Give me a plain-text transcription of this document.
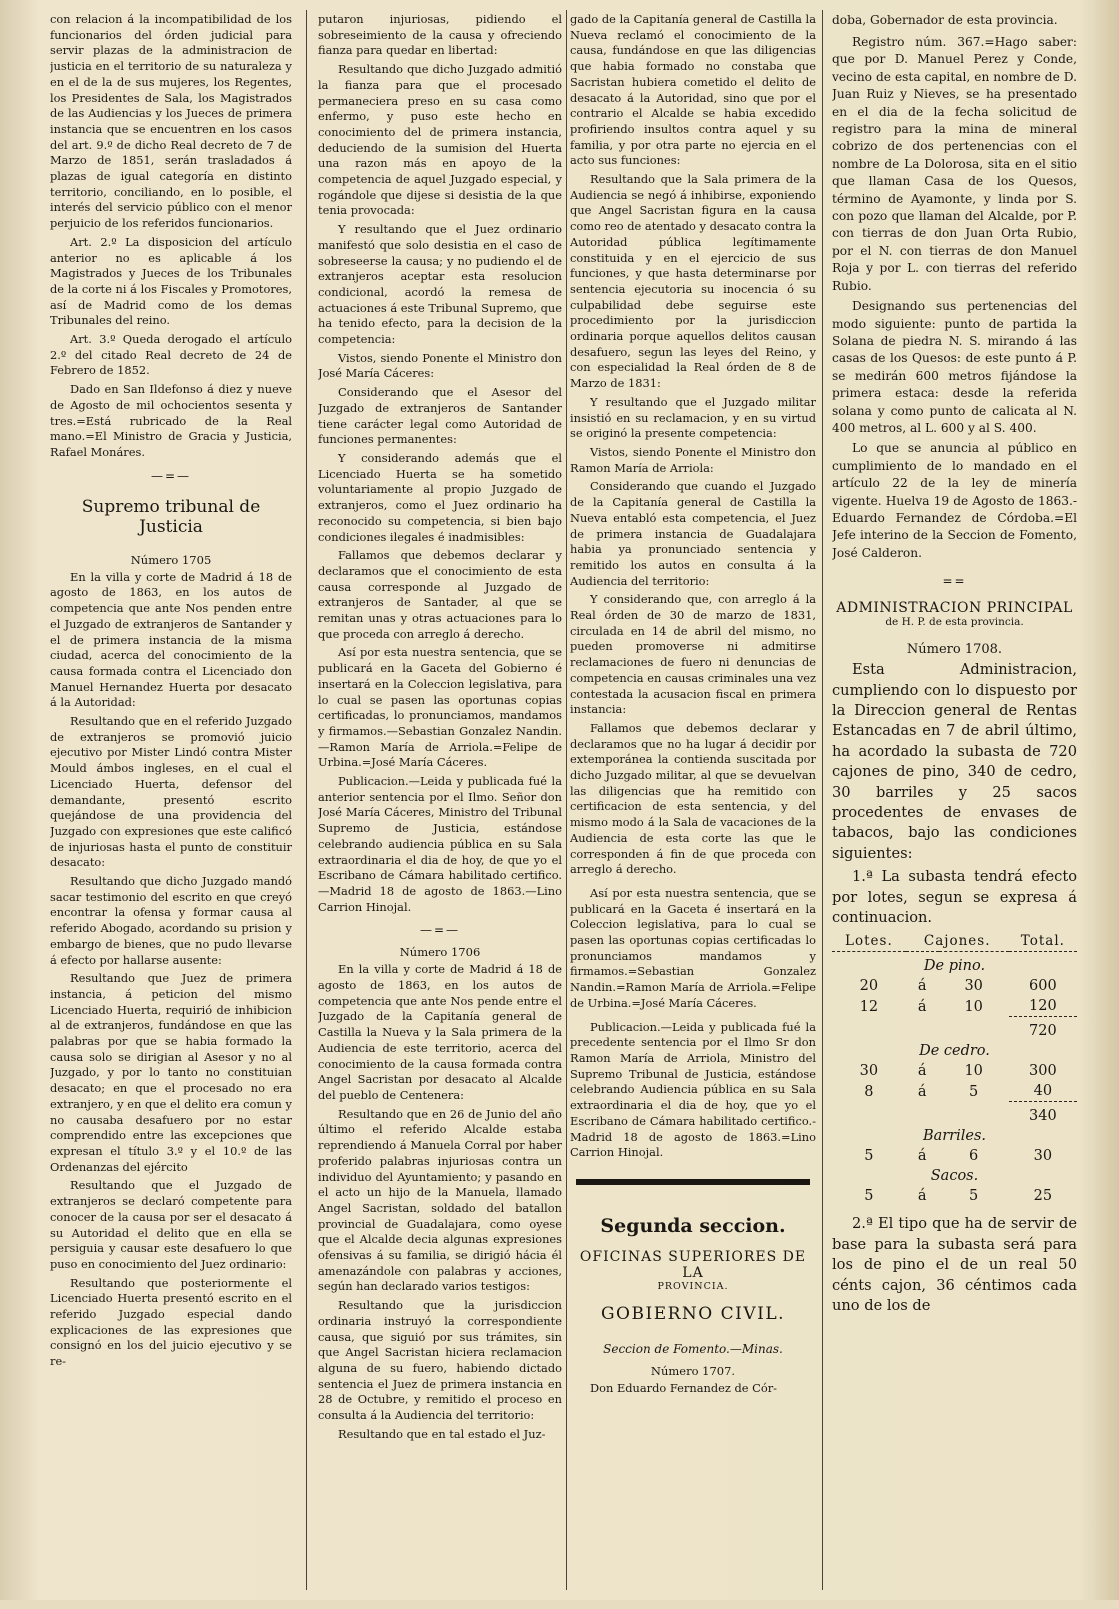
con relacion á la incompatibilidad de los funcionarios del órden judicial para servir plazas de la administracion de justicia en el territorio de su naturaleza y en el de la de sus mujeres, los Regentes, los Presidentes de Sala, los Magistrados de las Audiencias y los Jueces de primera instancia que se encuentren en los casos del art. 9.º de dicho Real decreto de 7 de Marzo de 1851, serán trasladados á plazas de igual categoría en distinto territorio, conciliando, en lo posible, el interés del servicio público con el menor perjuicio de los referidos funcionarios.

Art. 2.º La disposicion del artículo anterior no es aplicable á los Magistrados y Jueces de los Tribunales de la corte ni á los Fiscales y Promotores, así de Madrid como de los demas Tribunales del reino.

Art. 3.º Queda derogado el artículo 2.º del citado Real decreto de 24 de Febrero de 1852.

Dado en San Ildefonso á diez y nueve de Agosto de mil ochocientos sesenta y tres.=Está rubricado de la Real mano.=El Ministro de Gracia y Justicia, Rafael Monáres.

—=—
Supremo tribunal de Justicia
Número 1705

En la villa y corte de Madrid á 18 de agosto de 1863, en los autos de competencia que ante Nos penden entre el Juzgado de extranjeros de Santander y el de primera instancia de la misma ciudad, acerca del conocimiento de la causa formada contra el Licenciado don Manuel Hernandez Huerta por desacato á la Autoridad:

Resultando que en el referido Juzgado de extranjeros se promovió juicio ejecutivo por Mister Lindó contra Mister Mould ámbos ingleses, en el cual el Licenciado Huerta, defensor del demandante, presentó escrito quejándose de una providencia del Juzgado con expresiones que este calificó de injuriosas hasta el punto de constituir desacato:

Resultando que dicho Juzgado mandó sacar testimonio del escrito en que creyó encontrar la ofensa y formar causa al referido Abogado, acordando su prision y embargo de bienes, que no pudo llevarse á efecto por hallarse ausente:

Resultando que Juez de primera instancia, á peticion del mismo Licenciado Huerta, requirió de inhibicion al de extranjeros, fundándose en que las palabras por que se habia formado la causa solo se dirigian al Asesor y no al Juzgado, y por lo tanto no constituian desacato; en que el procesado no era extranjero, y en que el delito era comun y no causaba desafuero por no estar comprendido entre las excepciones que expresan el título 3.º y el 10.º de las Ordenanzas del ejército

Resultando que el Juzgado de extranjeros se declaró competente para conocer de la causa por ser el desacato á su Autoridad el delito que en ella se persiguia y causar este desafuero lo que puso en conocimiento del Juez ordinario:

Resultando que posteriormente el Licenciado Huerta presentó escrito en el referido Juzgado especial dando explicaciones de las expresiones que consignó en los del juicio ejecutivo y se re-

putaron injuriosas, pidiendo el sobreseimiento de la causa y ofreciendo fianza para quedar en libertad:

Resultando que dicho Juzgado admitió la fianza para que el procesado permaneciera preso en su casa como enfermo, y puso este hecho en conocimiento del de primera instancia, deduciendo de la sumision del Huerta una razon más en apoyo de la competencia de aquel Juzgado especial, y rogándole que dijese si desistia de la que tenia provocada:

Y resultando que el Juez ordinario manifestó que solo desistia en el caso de sobreseerse la causa; y no pudiendo el de extranjeros aceptar esta resolucion condicional, acordó la remesa de actuaciones á este Tribunal Supremo, que ha tenido efecto, para la decision de la competencia:

Vistos, siendo Ponente el Ministro don José María Cáceres:

Considerando que el Asesor del Juzgado de extranjeros de Santander tiene carácter legal como Autoridad de funciones permanentes:

Y considerando además que el Licenciado Huerta se ha sometido voluntariamente al propio Juzgado de extranjeros, como el Juez ordinario ha reconocido su competencia, si bien bajo condiciones ilegales é inadmisibles:

Fallamos que debemos declarar y declaramos que el conocimiento de esta causa corresponde al Juzgado de extranjeros de Santader, al que se remitan unas y otras actuaciones para lo que proceda con arreglo á derecho.

Así por esta nuestra sentencia, que se publicará en la Gaceta del Gobierno é insertará en la Coleccion legislativa, para lo cual se pasen las oportunas copias certificadas, lo pronunciamos, mandamos y firmamos.—Sebastian Gonzalez Nandin.—Ramon María de Arriola.=Felipe de Urbina.=José María Cáceres.

Publicacion.—Leida y publicada fué la anterior sentencia por el Ilmo. Señor don José María Cáceres, Ministro del Tribunal Supremo de Justicia, estándose celebrando audiencia pública en su Sala extraordinaria el dia de hoy, de que yo el Escribano de Cámara habilitado certifico.—Madrid 18 de agosto de 1863.—Lino Carrion Hinojal.

—=—
Número 1706

En la villa y corte de Madrid á 18 de agosto de 1863, en los autos de competencia que ante Nos pende entre el Juzgado de la Capitanía general de Castilla la Nueva y la Sala primera de la Audiencia de este territorio, acerca del conocimiento de la causa formada contra Angel Sacristan por desacato al Alcalde del pueblo de Centenera:

Resultando que en 26 de Junio del año último el referido Alcalde estaba reprendiendo á Manuela Corral por haber proferido palabras injuriosas contra un individuo del Ayuntamiento; y pasando en el acto un hijo de la Manuela, llamado Angel Sacristan, soldado del batallon provincial de Guadalajara, como oyese que el Alcalde decia algunas expresiones ofensivas á su familia, se dirigió hácia él amenazándole con palabras y acciones, según han declarado varios testigos:

Resultando que la jurisdiccion ordinaria instruyó la correspondiente causa, que siguió por sus trámites, sin que Angel Sacristan hiciera reclamacion alguna de su fuero, habiendo dictado sentencia el Juez de primera instancia en 28 de Octubre, y remitido el proceso en consulta á la Audiencia del territorio:

Resultando que en tal estado el Juz-

gado de la Capitanía general de Castilla la Nueva reclamó el conocimiento de la causa, fundándose en que las diligencias que habia formado no constaba que Sacristan hubiera cometido el delito de desacato á la Autoridad, sino que por el contrario el Alcalde se habia excedido profiriendo insultos contra aquel y su familia, y por otra parte no ejercia en el acto sus funciones:

Resultando que la Sala primera de la Audiencia se negó á inhibirse, exponiendo que Angel Sacristan figura en la causa como reo de atentado y desacato contra la Autoridad pública legítimamente constituida y en el ejercicio de sus funciones, y que hasta determinarse por sentencia ejecutoria su inocencia ó su culpabilidad debe seguirse este procedimiento por la jurisdiccion ordinaria porque aquellos delitos causan desafuero, segun las leyes del Reino, y con especialidad la Real órden de 8 de Marzo de 1831:

Y resultando que el Juzgado militar insistió en su reclamacion, y en su virtud se originó la presente competencia:

Vistos, siendo Ponente el Ministro don Ramon María de Arriola:

Considerando que cuando el Juzgado de la Capitanía general de Castilla la Nueva entabló esta competencia, el Juez de primera instancia de Guadalajara habia ya pronunciado sentencia y remitido los autos en consulta á la Audiencia del territorio:

Y considerando que, con arreglo á la Real órden de 30 de marzo de 1831, circulada en 14 de abril del mismo, no pueden promoverse ni admitirse reclamaciones de fuero ni denuncias de competencia en causas criminales una vez contestada la acusacion fiscal en primera instancia:

Fallamos que debemos declarar y declaramos que no ha lugar á decidir por extemporánea la contienda suscitada por dicho Juzgado militar, al que se devuelvan las diligencias que ha remitido con certificacion de esta sentencia, y del mismo modo á la Sala de vacaciones de la Audiencia de esta corte las que le corresponden á fin de que proceda con arreglo á derecho.

Así por esta nuestra sentencia, que se publicará en la Gaceta é insertará en la Coleccion legislativa, para lo cual se pasen las oportunas copias certificadas lo pronunciamos mandamos y firmamos.=Sebastian Gonzalez Nandin.=Ramon María de Arriola.=Felipe de Urbina.=José María Cáceres.

Publicacion.—Leida y publicada fué la precedente sentencia por el Ilmo Sr don Ramon María de Arriola, Ministro del Supremo Tribunal de Justicia, estándose celebrando Audiencia pública en su Sala extraordinaria el dia de hoy, que yo el Escribano de Cámara habilitado certifico.-Madrid 18 de agosto de 1863.=Lino Carrion Hinojal.

Segunda seccion.
OFICINAS SUPERIORES DE LA
PROVINCIA.
GOBIERNO CIVIL.
Seccion de Fomento.—Minas.
Número 1707.

Don Eduardo Fernandez de Cór-

doba, Gobernador de esta provincia.

Registro núm. 367.=Hago saber: que por D. Manuel Perez y Conde, vecino de esta capital, en nombre de D. Juan Ruiz y Nieves, se ha presentado en el dia de la fecha solicitud de registro para la mina de mineral cobrizo de dos pertenencias con el nombre de La Dolorosa, sita en el sitio que llaman Casa de los Quesos, término de Ayamonte, y linda por S. con pozo que llaman del Alcalde, por P. con tierras de don Juan Orta Rubio, por el N. con tierras de don Manuel Roja y por L. con tierras del referido Rubio.

Designando sus pertenencias del modo siguiente: punto de partida la Solana de piedra N. S. mirando á las casas de los Quesos: de este punto á P. se medirán 600 metros fijándose la primera estaca: desde la referida solana y como punto de calicata al N. 400 metros, al L. 600 y al S. 400.

Lo que se anuncia al público en cumplimiento de lo mandado en el artículo 22 de la ley de minería vigente. Huelva 19 de Agosto de 1863.-Eduardo Fernandez de Córdoba.=El Jefe interino de la Seccion de Fomento, José Calderon.

==
ADMINISTRACION PRINCIPAL
de H. P. de esta provincia.
Número 1708.

Esta Administracion, cumpliendo con lo dispuesto por la Direccion general de Rentas Estancadas en 7 de abril último, ha acordado la subasta de 720 cajones de pino, 340 de cedro, 30 barriles y 25 sacos procedentes de envases de tabacos, bajo las condiciones siguientes:

1.ª La subasta tendrá efecto por lotes, segun se expresa á continuacion.

Lotes.	Cajones.		Total.

De pino.			
20	á	30	600
12	á	10	120
			720
De cedro.			
30	á	10	300
8	á	5	40
			340
Barriles.			
5	á	6	30
Sacos.			
5	á	5	25

2.ª El tipo que ha de servir de base para la subasta será para los de pino el de un real 50 cénts cajon, 36 céntimos cada uno de los de
